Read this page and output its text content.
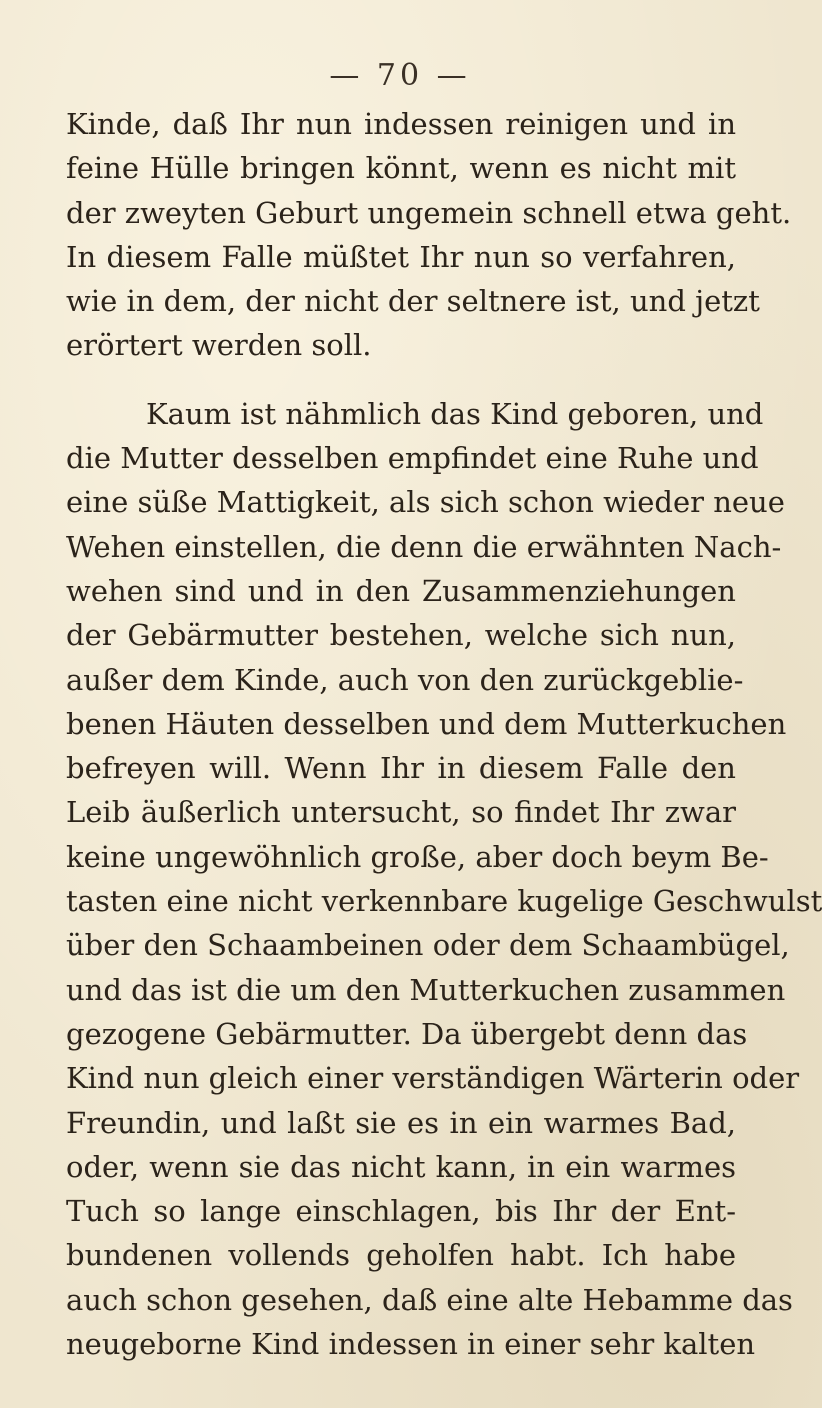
— 70 —
Kinde, daß Ihr nun indessen reinigen und in
feine Hülle bringen könnt, wenn es nicht mit
der zweyten Geburt ungemein schnell etwa geht.
In diesem Falle müßtet Ihr nun so verfahren,
wie in dem, der nicht der seltnere ist, und jetzt
erörtert werden soll.
Kaum ist nähmlich das Kind geboren, und
die Mutter desselben empfindet eine Ruhe und
eine süße Mattigkeit, als sich schon wieder neue
Wehen einstellen, die denn die erwähnten Nach-
wehen sind und in den Zusammenziehungen
der Gebärmutter bestehen, welche sich nun,
außer dem Kinde, auch von den zurückgeblie-
benen Häuten desselben und dem Mutterkuchen
befreyen will. Wenn Ihr in diesem Falle den
Leib äußerlich untersucht, so findet Ihr zwar
keine ungewöhnlich große, aber doch beym Be-
tasten eine nicht verkennbare kugelige Geschwulst
über den Schaambeinen oder dem Schaambügel,
und das ist die um den Mutterkuchen zusammen
gezogene Gebärmutter. Da übergebt denn das
Kind nun gleich einer verständigen Wärterin oder
Freundin, und laßt sie es in ein warmes Bad,
oder, wenn sie das nicht kann, in ein warmes
Tuch so lange einschlagen, bis Ihr der Ent-
bundenen vollends geholfen habt. Ich habe
auch schon gesehen, daß eine alte Hebamme das
neugeborne Kind indessen in einer sehr kalten
